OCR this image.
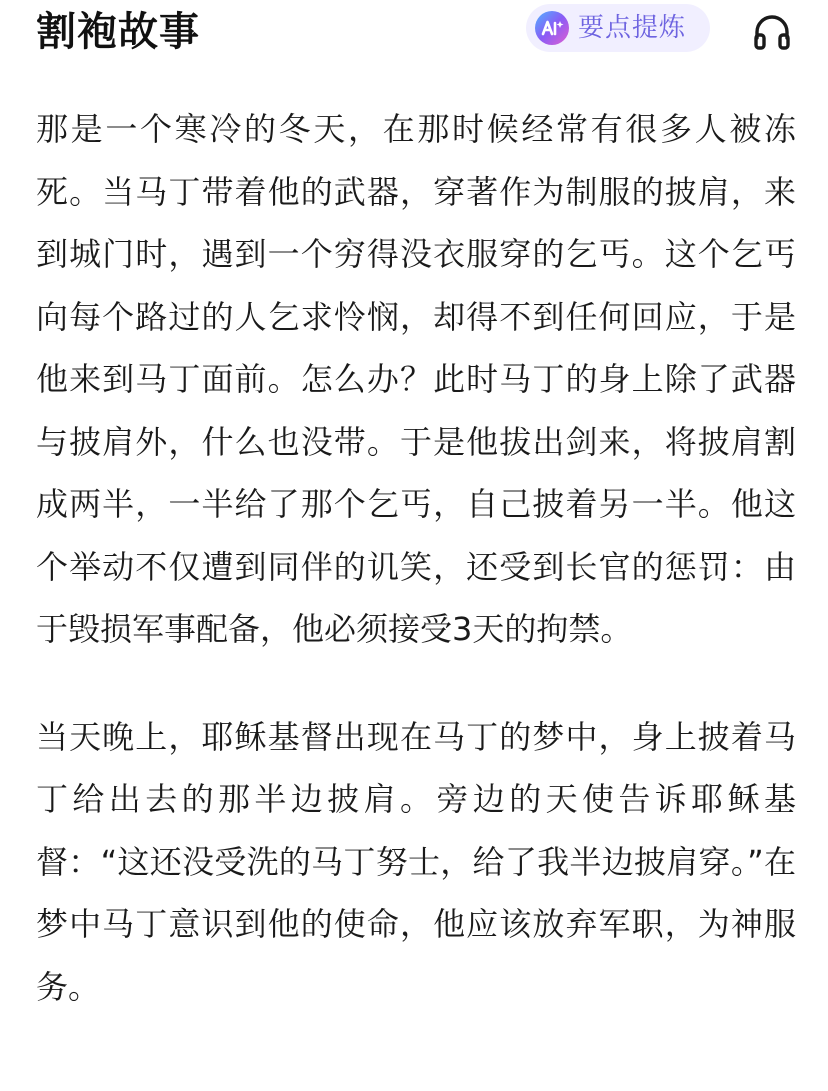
割袍故事	要点提炼

那是一个寒冷的冬天，在那时候经常有很多人被冻死。当马丁带着他的武器，穿著作为制服的披肩，来到城门时，遇到一个穷得没衣服穿的乞丐。这个乞丐向每个路过的人乞求怜悯，却得不到任何回应，于是他来到马丁面前。怎么办？此时马丁的身上除了武器与披肩外，什么也没带。于是他拔出剑来，将披肩割成两半，一半给了那个乞丐，自己披着另一半。他这个举动不仅遭到同伴的讥笑，还受到长官的惩罚：由于毁损军事配备，他必须接受3天的拘禁。

当天晚上，耶稣基督出现在马丁的梦中，身上披着马丁给出去的那半边披肩。旁边的天使告诉耶稣基督：“这还没受洗的马丁努士，给了我半边披肩穿。”在梦中马丁意识到他的使命，他应该放弃军职，为神服务。
